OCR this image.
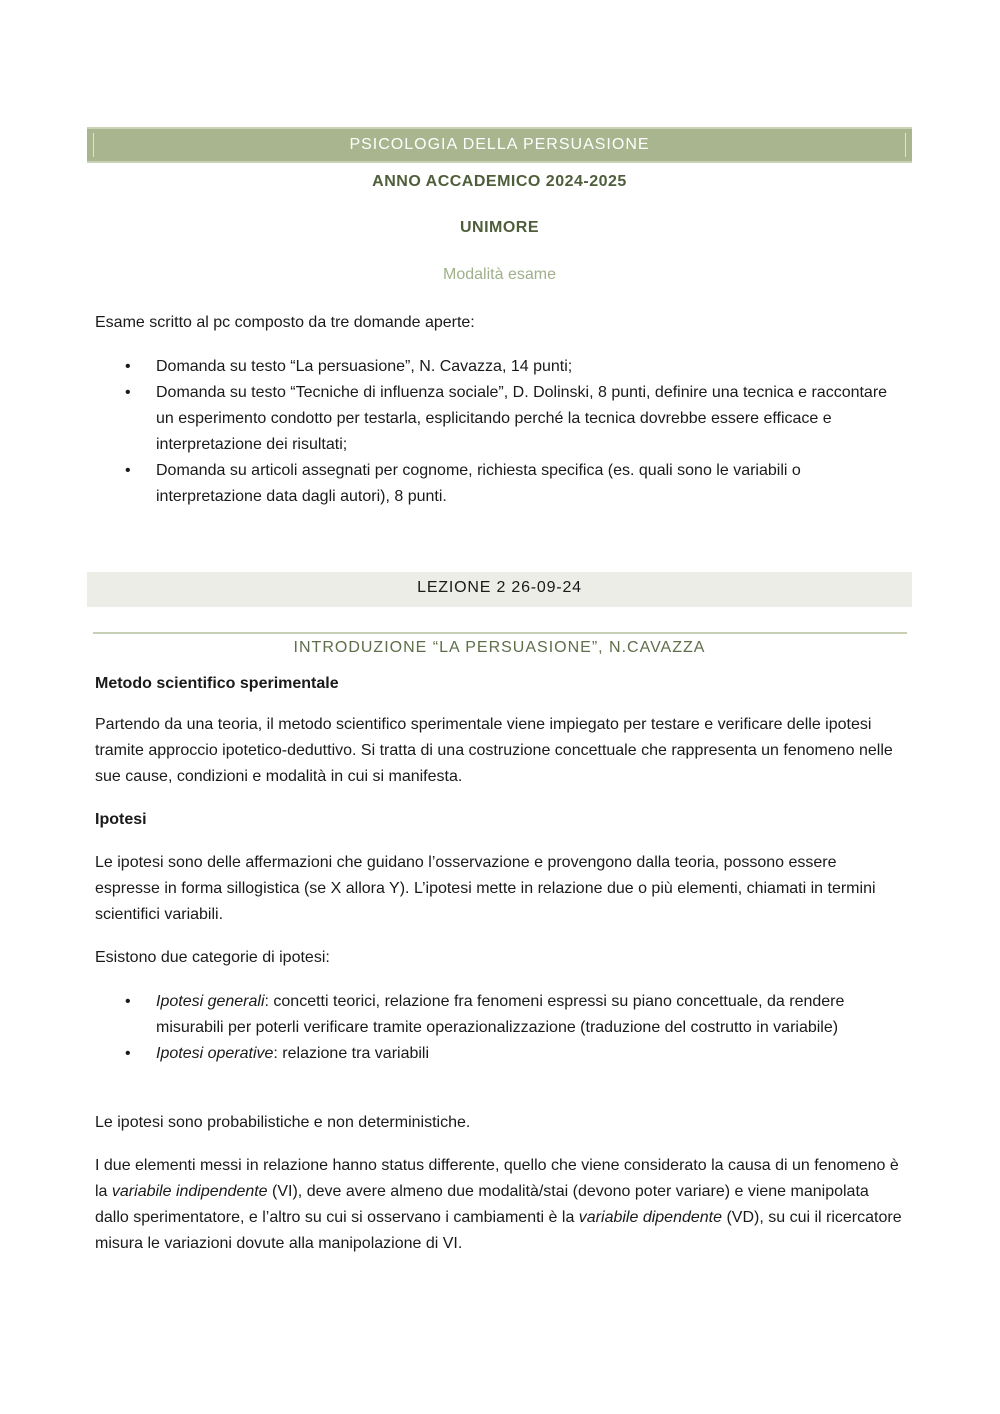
PSICOLOGIA DELLA PERSUASIONE
ANNO ACCADEMICO 2024-2025
UNIMORE
Modalità esame

Esame scritto al pc composto da tre domande aperte:

• Domanda su testo “La persuasione”, N. Cavazza, 14 punti;
• Domanda su testo “Tecniche di influenza sociale”, D. Dolinski, 8 punti, definire una tecnica e raccontare un esperimento condotto per testarla, esplicitando perché la tecnica dovrebbe essere efficace e interpretazione dei risultati;
• Domanda su articoli assegnati per cognome, richiesta specifica (es. quali sono le variabili o interpretazione data dagli autori), 8 punti.
LEZIONE 2 26-09-24
INTRODUZIONE “LA PERSUASIONE”, N.CAVAZZA

Metodo scientifico sperimentale

Partendo da una teoria, il metodo scientifico sperimentale viene impiegato per testare e verificare delle ipotesi tramite approccio ipotetico-deduttivo. Si tratta di una costruzione concettuale che rappresenta un fenomeno nelle sue cause, condizioni e modalità in cui si manifesta.

Ipotesi

Le ipotesi sono delle affermazioni che guidano l’osservazione e provengono dalla teoria, possono essere espresse in forma sillogistica (se X allora Y). L’ipotesi mette in relazione due o più elementi, chiamati in termini scientifici variabili.

Esistono due categorie di ipotesi:

• Ipotesi generali: concetti teorici, relazione fra fenomeni espressi su piano concettuale, da rendere misurabili per poterli verificare tramite operazionalizzazione (traduzione del costrutto in variabile)
• Ipotesi operative: relazione tra variabili

Le ipotesi sono probabilistiche e non deterministiche.

I due elementi messi in relazione hanno status differente, quello che viene considerato la causa di un fenomeno è la variabile indipendente (VI), deve avere almeno due modalità/stai (devono poter variare) e viene manipolata dallo sperimentatore, e l’altro su cui si osservano i cambiamenti è la variabile dipendente (VD), su cui il ricercatore misura le variazioni dovute alla manipolazione di VI.
